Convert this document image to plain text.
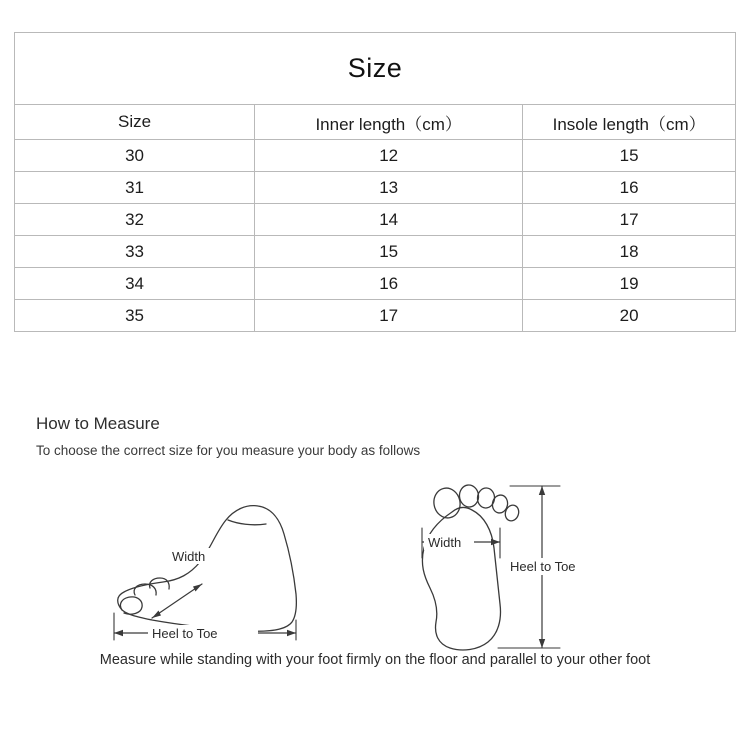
Size		
Size	Inner length（cm）	Insole length（cm）
30	12	15
31	13	16
32	14	17
33	15	18
34	16	19
35	17	20

How to Measure

To choose the correct size for you measure your body as follows

Width
Heel to Toe
Width
Heel to Toe
Measure while standing with your foot firmly on the floor and parallel to your other foot
